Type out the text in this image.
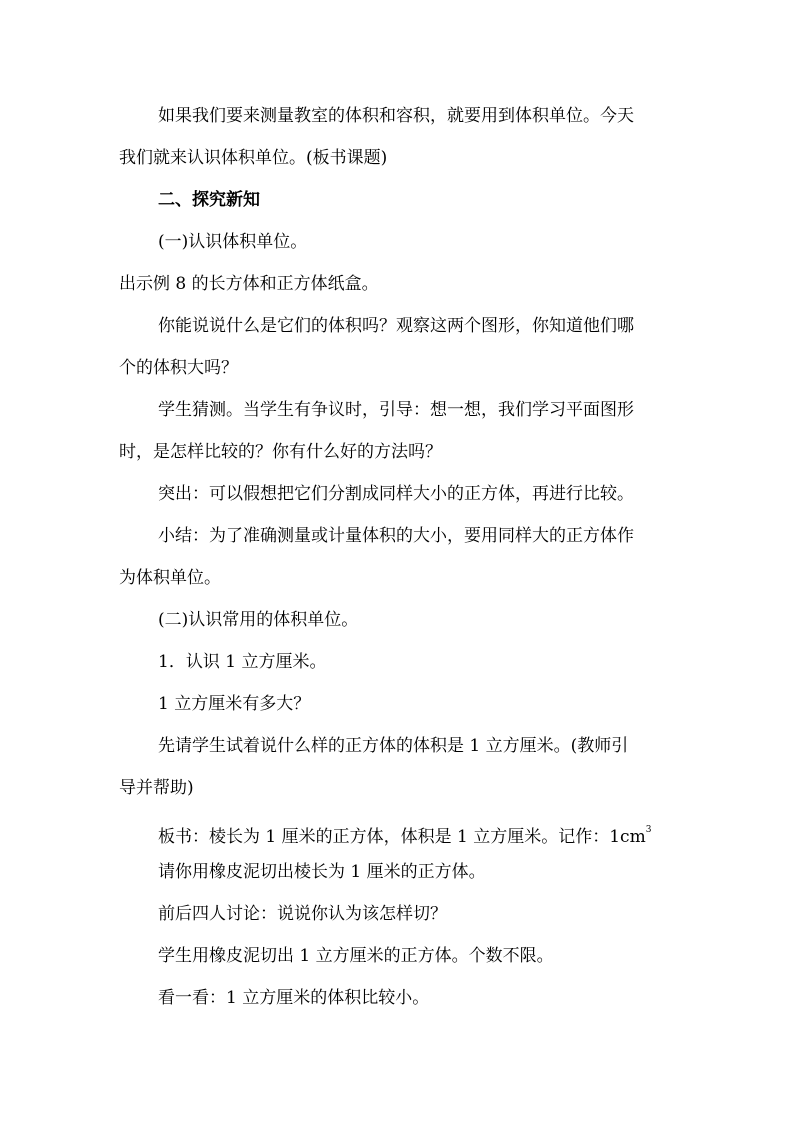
如果我们要来测量教室的体积和容积，就要用到体积单位。今天
我们就来认识体积单位。(板书课题)
二、探究新知
(一)认识体积单位。
出示例 8 的长方体和正方体纸盒。
你能说说什么是它们的体积吗？观察这两个图形，你知道他们哪
个的体积大吗？
学生猜测。当学生有争议时，引导：想一想，我们学习平面图形
时，是怎样比较的？你有什么好的方法吗？
突出：可以假想把它们分割成同样大小的正方体，再进行比较。
小结：为了准确测量或计量体积的大小，要用同样大的正方体作
为体积单位。
(二)认识常用的体积单位。
1．认识 1 立方厘米。
1 立方厘米有多大？
先请学生试着说什么样的正方体的体积是 1 立方厘米。(教师引
导并帮助)
板书：棱长为 1 厘米的正方体，体积是 1 立方厘米。记作：$1cm^3$
请你用橡皮泥切出棱长为 1 厘米的正方体。
前后四人讨论：说说你认为该怎样切？
学生用橡皮泥切出 1 立方厘米的正方体。个数不限。
看一看：1 立方厘米的体积比较小。
